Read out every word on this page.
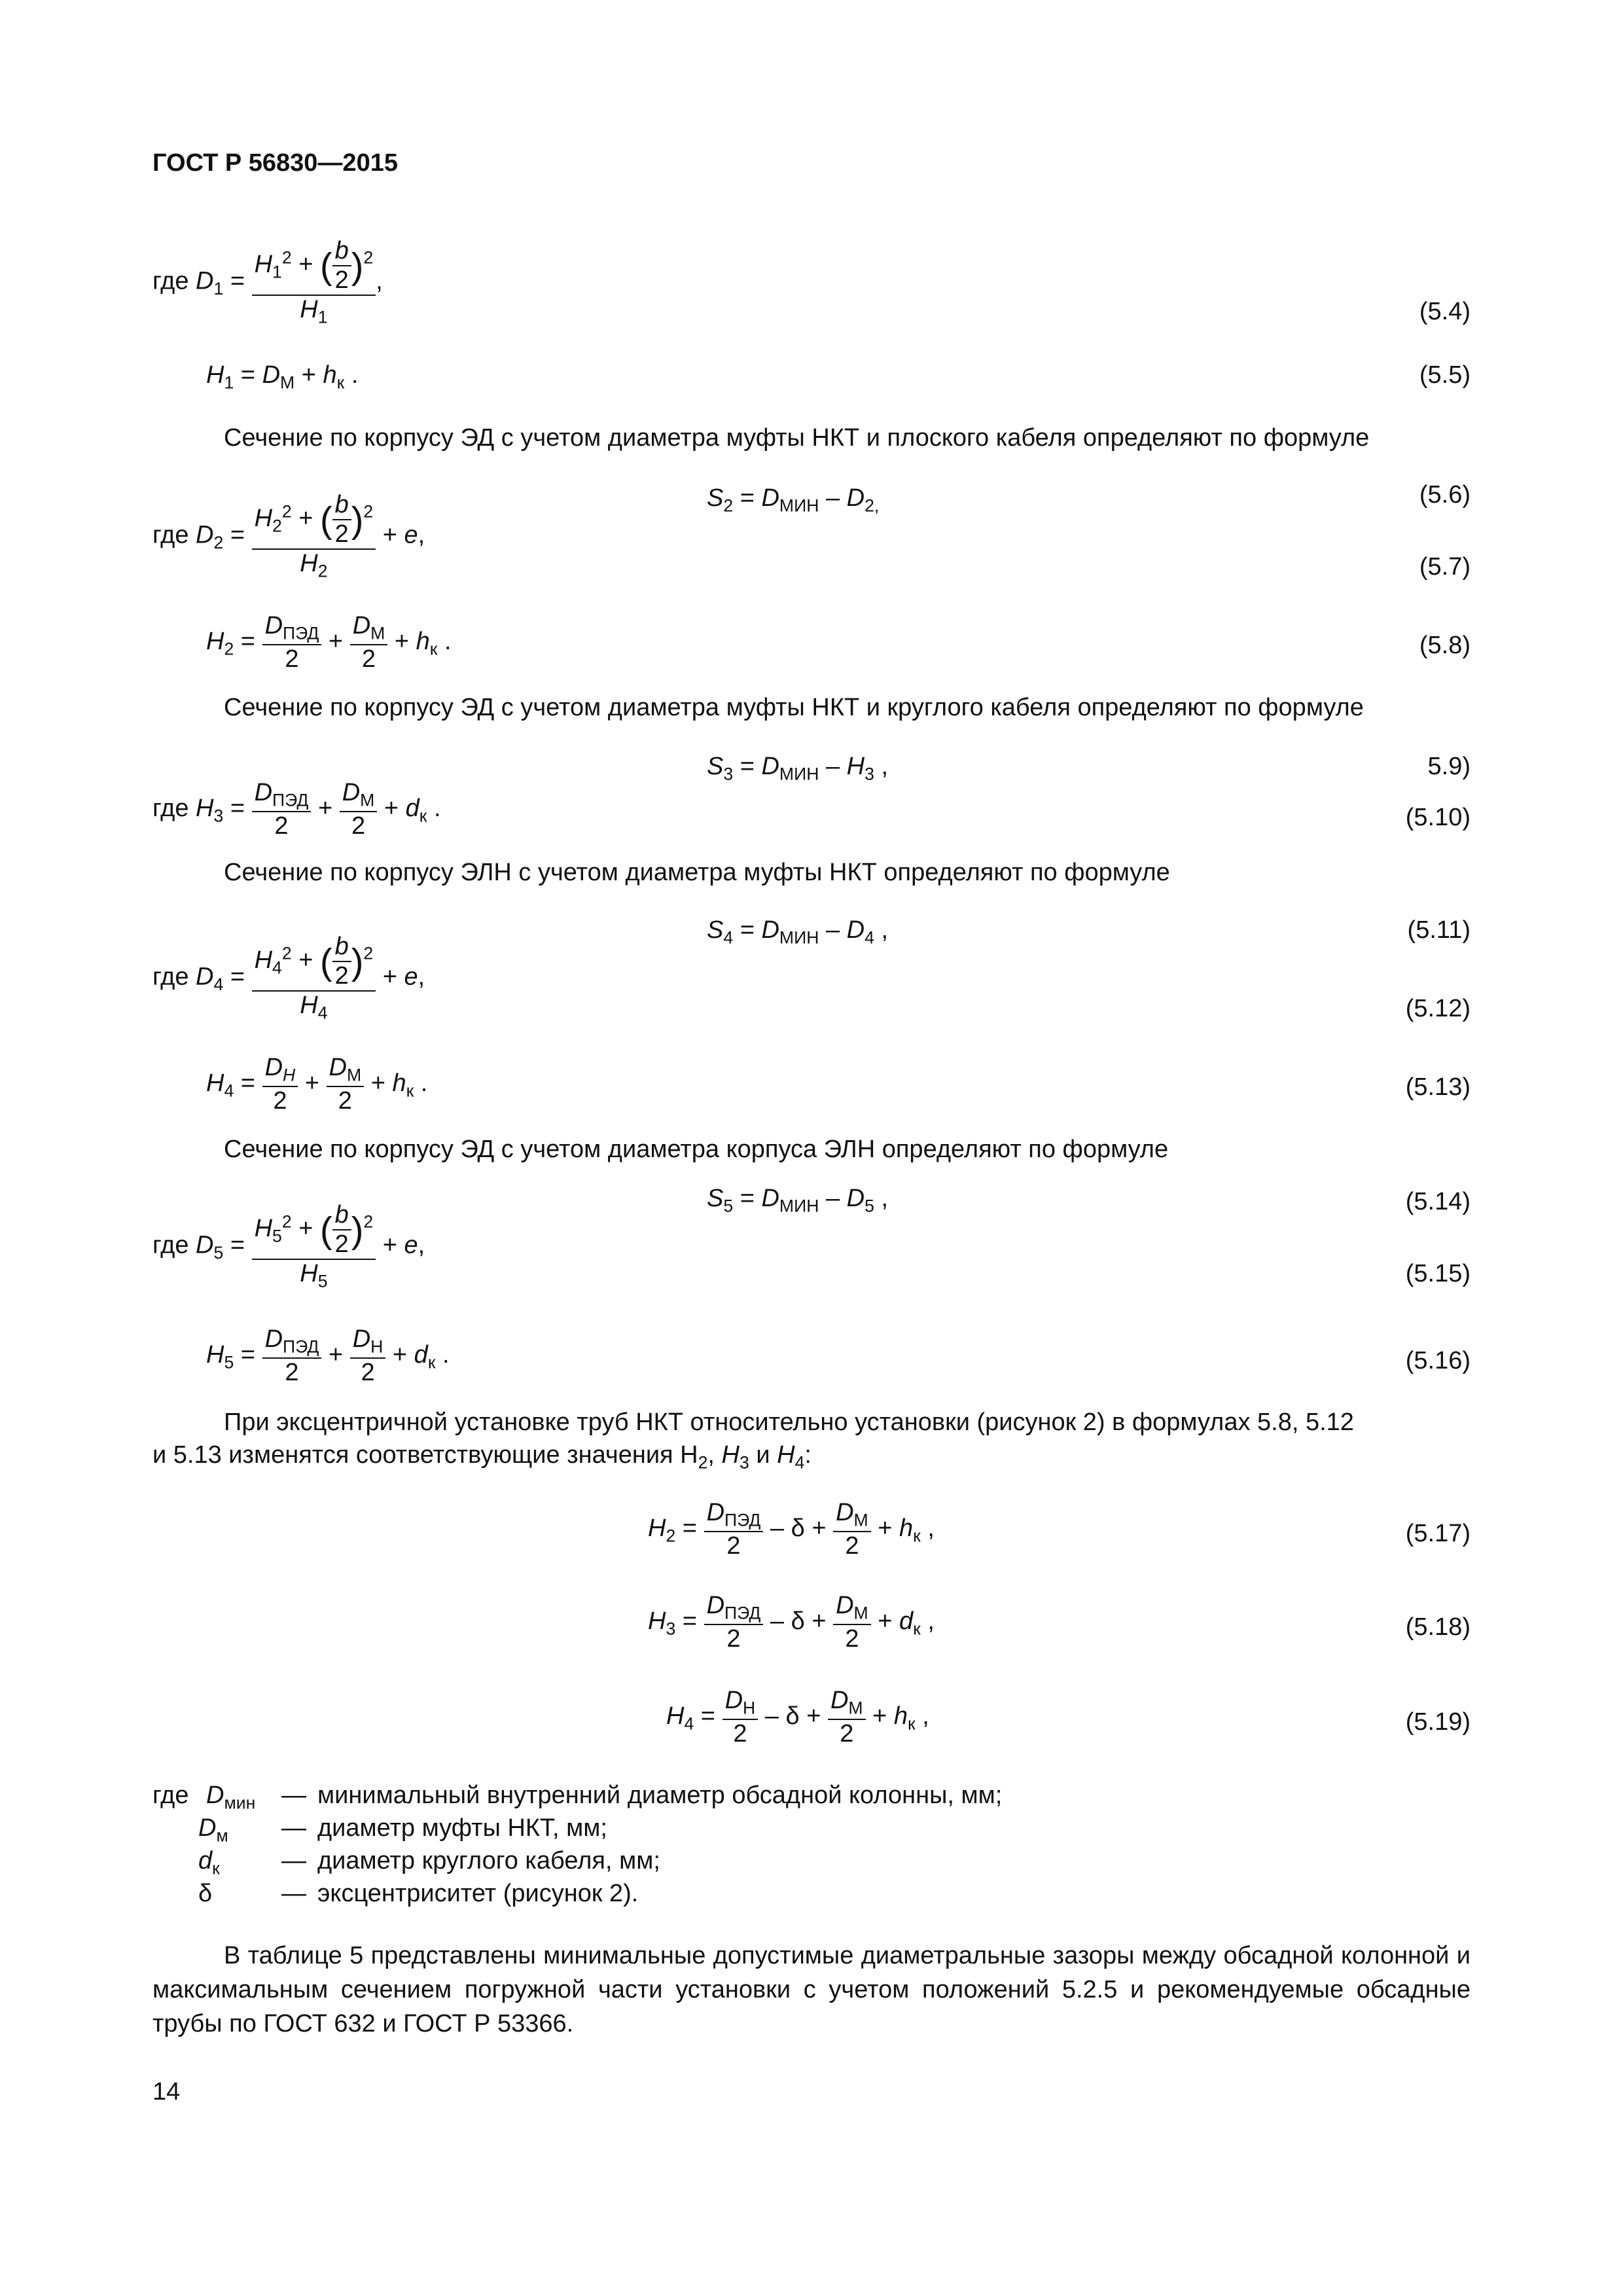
ГОСТ Р 56830—2015
где $D_1 = \frac{H_1^2 + ( \frac{b}{2} )^2}{H_1}$ ,
(5.4)
$H_1 = D_М + h_к$ .	(5.5)
Сечение по корпусу ЭД с учетом диаметра муфты НКТ и плоского кабеля определяют по формуле
$S_2 = D_{МИН} - D_{2,}$	(5.6)
где $D_2 = \frac{H_2^2 + ( \frac{b}{2} )^2}{H_2} + e$,
(5.7)
$H_2 = \frac{D_{ПЭД}}{2} + \frac{D_М}{2} + h_к$ .	(5.8)
Сечение по корпусу ЭД с учетом диаметра муфты НКТ и круглого кабеля определяют по формуле
$S_3 = D_{МИН} - H_3$ ,	5.9)
где $H_3 = \frac{D_{ПЭД}}{2} + \frac{D_М}{2} + d_к$ .	(5.10)
Сечение по корпусу ЭЛН с учетом диаметра муфты НКТ определяют по формуле
$S_4 = D_{МИН} - D_4$ ,	(5.11)
где $D_4 = \frac{H_4^2 + ( \frac{b}{2} )^2}{H_4} + e$,
(5.12)
$H_4 = \frac{D_Н}{2} + \frac{D_М}{2} + h_к$ .	(5.13)
Сечение по корпусу ЭД с учетом диаметра корпуса ЭЛН определяют по формуле
$S_5 = D_{МИН} - D_5$ ,	(5.14)
где $D_5 = \frac{H_5^2 + ( \frac{b}{2} )^2}{H_5} + e$,
(5.15)
$H_5 = \frac{D_{ПЭД}}{2} + \frac{D_Н}{2} + d_к$ .	(5.16)
При эксцентричной установке труб НКТ относительно установки (рисунок 2) в формулах 5.8, 5.12
и 5.13 изменятся соответствующие значения $H_2$, $H_3$ и $H_4$:
$H_2 = \frac{D_{ПЭД}}{2} - \delta + \frac{D_М}{2} + h_к$ ,	(5.17)
$H_3 = \frac{D_{ПЭД}}{2} - \delta + \frac{D_М}{2} + d_к$ ,	(5.18)
$H_4 = \frac{D_Н}{2} - \delta + \frac{D_М}{2} + h_к$ ,	(5.19)
где $D_{мин}$ — минимальный внутренний диаметр обсадной колонны, мм;
$D_м$ — диаметр муфты НКТ, мм;
$d_к$ — диаметр круглого кабеля, мм;
δ	— эксцентриситет (рисунок 2).
В таблице 5 представлены минимальные допустимые диаметральные зазоры между обсадной колонной и максимальным сечением погружной части установки с учетом положений 5.2.5 и рекомендуемые обсадные трубы по ГОСТ 632 и ГОСТ Р 53366.
14
